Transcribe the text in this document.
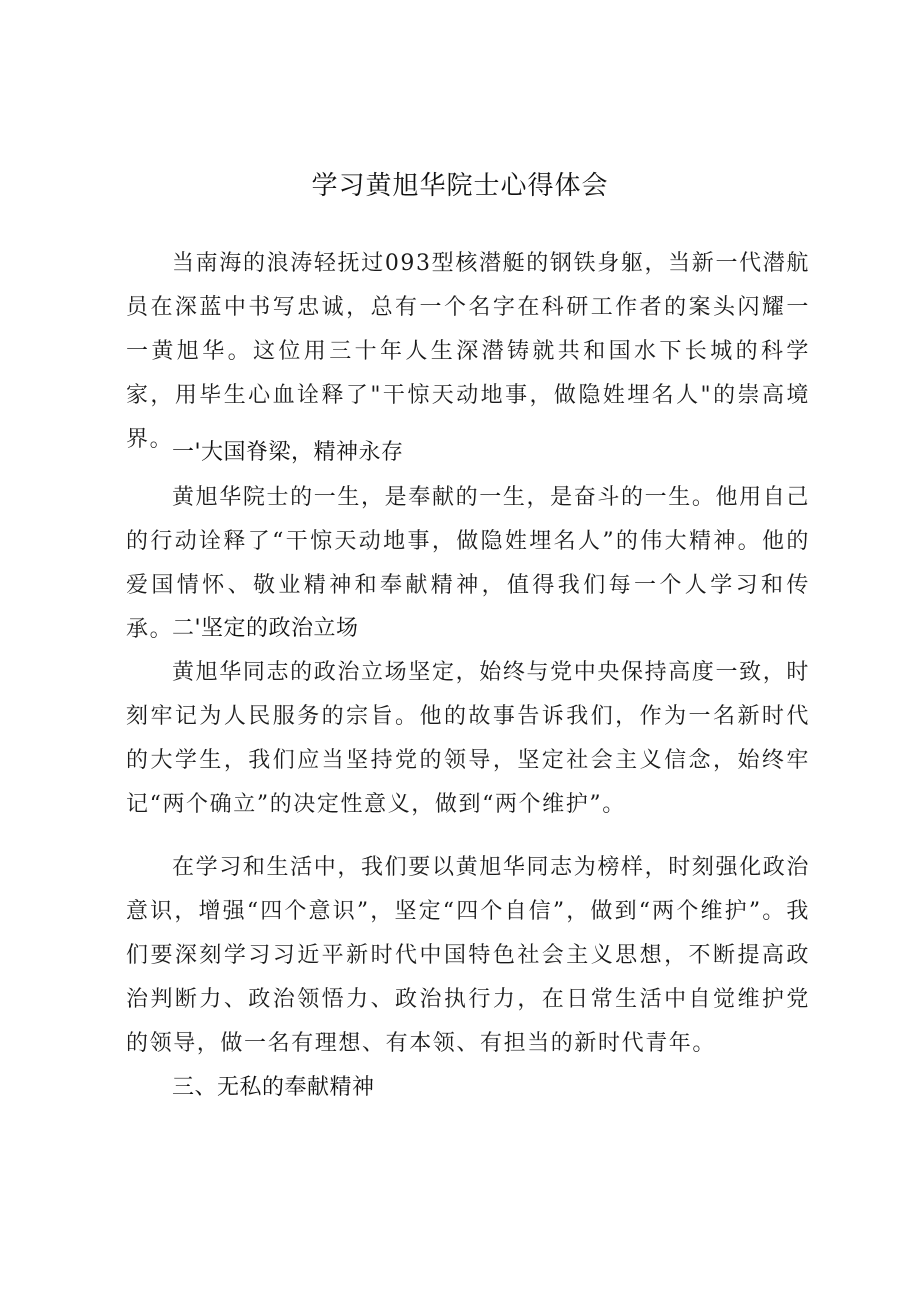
学习黄旭华院士心得体会

当南海的浪涛轻抚过093型核潜艇的钢铁身躯，当新一代潜航员在深蓝中书写忠诚，总有一个名字在科研工作者的案头闪耀一一黄旭华。这位用三十年人生深潜铸就共和国水下长城的科学家，用毕生心血诠释了"干惊天动地事，做隐姓埋名人"的崇高境界。

一'大国脊梁，精神永存

黄旭华院士的一生，是奉献的一生，是奋斗的一生。他用自己的行动诠释了“干惊天动地事，做隐姓埋名人”的伟大精神。他的爱国情怀、敬业精神和奉献精神，值得我们每一个人学习和传承。

二'坚定的政治立场

黄旭华同志的政治立场坚定，始终与党中央保持高度一致，时刻牢记为人民服务的宗旨。他的故事告诉我们，作为一名新时代的大学生，我们应当坚持党的领导，坚定社会主义信念，始终牢记“两个确立”的决定性意义，做到“两个维护”。

在学习和生活中，我们要以黄旭华同志为榜样，时刻强化政治意识，增强“四个意识”，坚定“四个自信”，做到“两个维护”。我们要深刻学习习近平新时代中国特色社会主义思想，不断提高政治判断力、政治领悟力、政治执行力，在日常生活中自觉维护党的领导，做一名有理想、有本领、有担当的新时代青年。

三、无私的奉献精神
